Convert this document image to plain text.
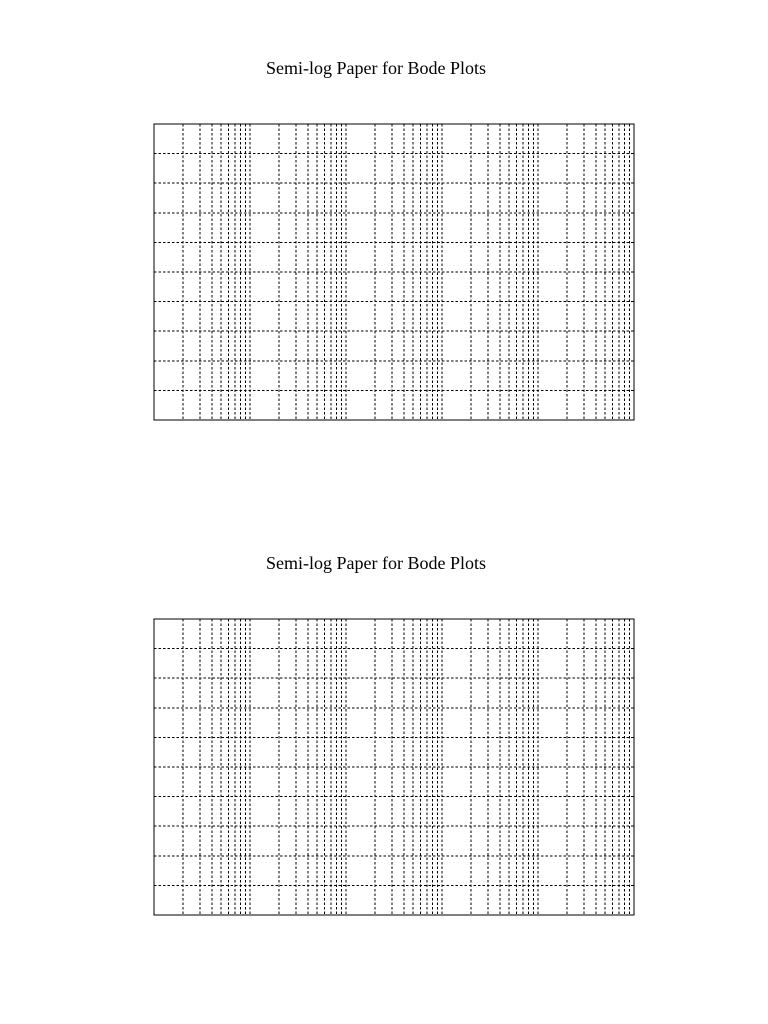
Semi-log Paper for Bode Plots
Semi-log Paper for Bode Plots
